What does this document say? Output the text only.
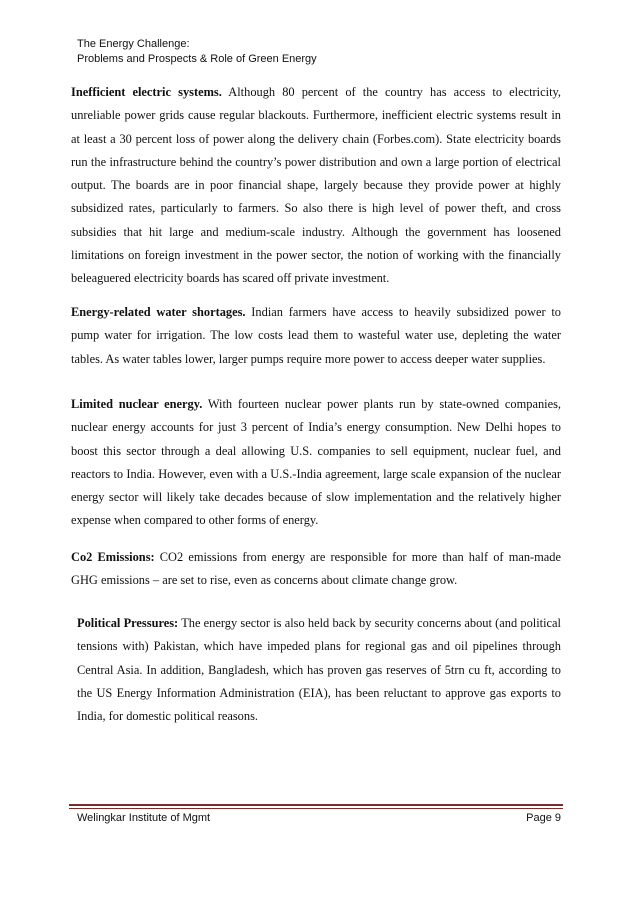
The Energy Challenge:
Problems and Prospects & Role of Green Energy

Inefficient electric systems. Although 80 percent of the country has access to electricity, unreliable power grids cause regular blackouts. Furthermore, inefficient electric systems result in at least a 30 percent loss of power along the delivery chain (Forbes.com). State electricity boards run the infrastructure behind the country’s power distribution and own a large portion of electrical output. The boards are in poor financial shape, largely because they provide power at highly subsidized rates, particularly to farmers. So also there is high level of power theft, and cross subsidies that hit large and medium-scale industry. Although the government has loosened limitations on foreign investment in the power sector, the notion of working with the financially beleaguered electricity boards has scared off private investment.

Energy-related water shortages. Indian farmers have access to heavily subsidized power to pump water for irrigation. The low costs lead them to wasteful water use, depleting the water tables. As water tables lower, larger pumps require more power to access deeper water supplies.

Limited nuclear energy. With fourteen nuclear power plants run by state-owned companies, nuclear energy accounts for just 3 percent of India’s energy consumption. New Delhi hopes to boost this sector through a deal allowing U.S. companies to sell equipment, nuclear fuel, and reactors to India. However, even with a U.S.-India agreement, large scale expansion of the nuclear energy sector will likely take decades because of slow implementation and the relatively higher expense when compared to other forms of energy.

Co2 Emissions: CO2 emissions from energy are responsible for more than half of man-made GHG emissions – are set to rise, even as concerns about climate change grow.

Political Pressures: The energy sector is also held back by security concerns about (and political tensions with) Pakistan, which have impeded plans for regional gas and oil pipelines through Central Asia. In addition, Bangladesh, which has proven gas reserves of 5trn cu ft, according to the US Energy Information Administration (EIA), has been reluctant to approve gas exports to India, for domestic political reasons.

Welingkar Institute of Mgmt	Page 9
